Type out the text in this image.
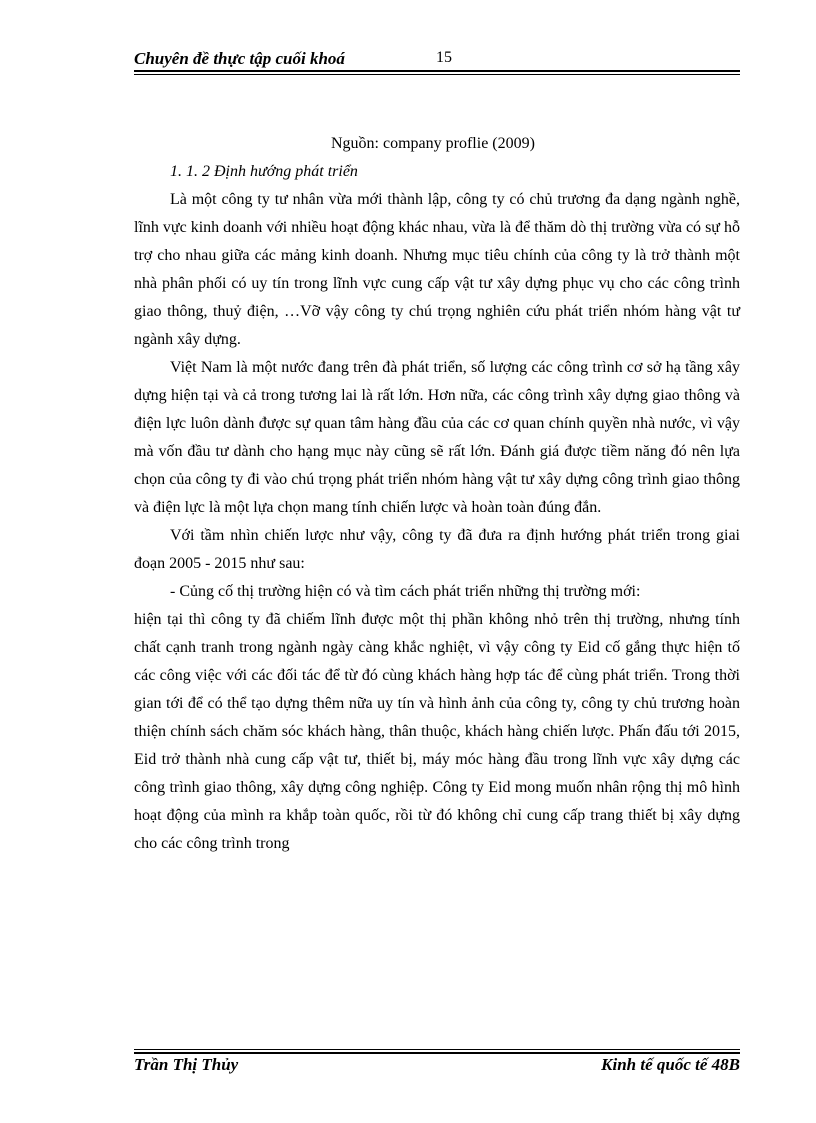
Chuyên đề thực tập cuối khoá	15

Nguồn: company proflie (2009)

1. 1. 2 Định hướng phát triển

Là một công ty tư nhân vừa mới thành lập, công ty có chủ trương đa dạng ngành nghề, lĩnh vực kinh doanh với nhiều hoạt động khác nhau, vừa là để thăm dò thị trường vừa có sự hỗ trợ cho nhau giữa các mảng kinh doanh. Nhưng mục tiêu chính của công ty là trở thành một nhà phân phối có uy tín trong lĩnh vực cung cấp vật tư xây dựng phục vụ cho các công trình giao thông, thuỷ điện, …Vỡ vậy công ty chú trọng nghiên cứu phát triển nhóm hàng vật tư ngành xây dựng.

Việt Nam là một nước đang trên đà phát triển, số lượng các công trình cơ sở hạ tầng xây dựng hiện tại và cả trong tương lai là rất lớn. Hơn nữa, các công trình xây dựng giao thông và điện lực luôn dành được sự quan tâm hàng đầu của các cơ quan chính quyền nhà nước, vì vậy mà vốn đầu tư dành cho hạng mục này cũng sẽ rất lớn. Đánh giá được tiềm năng đó nên lựa chọn của công ty đi vào chú trọng phát triển nhóm hàng vật tư xây dựng công trình giao thông và điện lực là một lựa chọn mang tính chiến lược và hoàn toàn đúng đắn.

Với tầm nhìn chiến lược như vậy, công ty đã đưa ra định hướng phát triển trong giai đoạn 2005 - 2015 như sau:

- Củng cố thị trường hiện có và tìm cách phát triển những thị trường mới:

hiện tại thì công ty đã chiếm lĩnh được một thị phần không nhỏ trên thị trường, nhưng tính chất cạnh tranh trong ngành ngày càng khắc nghiệt, vì vậy công ty Eid cố gắng thực hiện tố các công việc với các đối tác để từ đó cùng khách hàng hợp tác để cùng phát triển. Trong thời gian tới để có thể tạo dựng thêm nữa uy tín và hình ảnh của công ty, công ty chủ trương hoàn thiện chính sách chăm sóc khách hàng, thân thuộc, khách hàng chiến lược. Phấn đấu tới 2015, Eid trở thành nhà cung cấp vật tư, thiết bị, máy móc hàng đầu trong lĩnh vực xây dựng các công trình giao thông, xây dựng công nghiệp. Công ty Eid mong muốn nhân rộng thị mô hình hoạt động của mình ra khắp toàn quốc, rồi từ đó không chỉ cung cấp trang thiết bị xây dựng cho các công trình trong

Trần Thị Thủy	Kinh tế quốc tế 48B
